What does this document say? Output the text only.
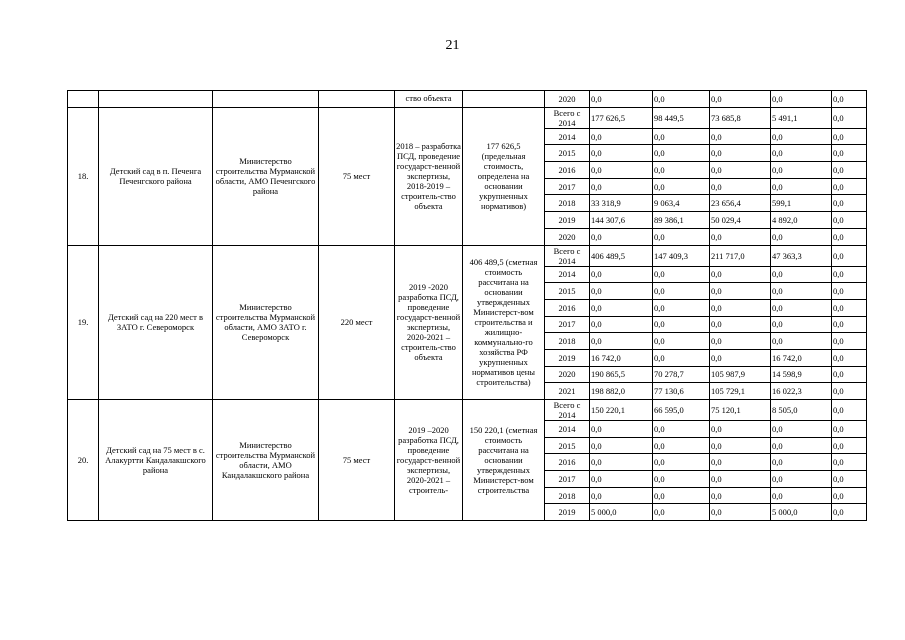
21
				ство объекта		2020	0,0	0,0	0,0	0,0	0,0
18.	Детский сад в п. Печенга Печенгского района	Министерство строительства Мурманской области, АМО Печенгского района	75 мест	2018 – разработка ПСД, проведение государст-венной экспертизы, 2018-2019 – строитель-ство объекта	177 626,5 (предельная стоимость, определена на основании укрупненных нормативов)	Всего с 2014	177 626,5	98 449,5	73 685,8	5 491,1	0,0
						2014	0,0	0,0	0,0	0,0	0,0
						2015	0,0	0,0	0,0	0,0	0,0
						2016	0,0	0,0	0,0	0,0	0,0
						2017	0,0	0,0	0,0	0,0	0,0
						2018	33 318,9	9 063,4	23 656,4	599,1	0,0
						2019	144 307,6	89 386,1	50 029,4	4 892,0	0,0
						2020	0,0	0,0	0,0	0,0	0,0
19.	Детский сад на 220 мест в ЗАТО г. Североморск	Министерство строительства Мурманской области, АМО ЗАТО г. Североморск	220 мест	2019 -2020 разработка ПСД, проведение государст-венной экспертизы, 2020-2021 – строитель-ство объекта	406 489,5 (сметная стоимость рассчитана на основании утвержденных Министерст-вом строительства и жилищно-коммунально-го хозяйства РФ укрупненных нормативов цены строительства)	Всего с 2014	406 489,5	147 409,3	211 717,0	47 363,3	0,0
						2014	0,0	0,0	0,0	0,0	0,0
						2015	0,0	0,0	0,0	0,0	0,0
						2016	0,0	0,0	0,0	0,0	0,0
						2017	0,0	0,0	0,0	0,0	0,0
						2018	0,0	0,0	0,0	0,0	0,0
						2019	16 742,0	0,0	0,0	16 742,0	0,0
						2020	190 865,5	70 278,7	105 987,9	14 598,9	0,0
						2021	198 882,0	77 130,6	105 729,1	16 022,3	0,0
20.	Детский сад на 75 мест в с. Алакуртти Кандалакшского района	Министерство строительства Мурманской области, АМО Кандалакшского района	75 мест	2019 –2020 разработка ПСД, проведение государст-венной экспертизы, 2020-2021 – строитель-	150 220,1 (сметная стоимость рассчитана на основании утвержденных Министерст-вом строительства	Всего с 2014	150 220,1	66 595,0	75 120,1	8 505,0	0,0
						2014	0,0	0,0	0,0	0,0	0,0
						2015	0,0	0,0	0,0	0,0	0,0
						2016	0,0	0,0	0,0	0,0	0,0
						2017	0,0	0,0	0,0	0,0	0,0
						2018	0,0	0,0	0,0	0,0	0,0
						2019	5 000,0	0,0	0,0	5 000,0	0,0
